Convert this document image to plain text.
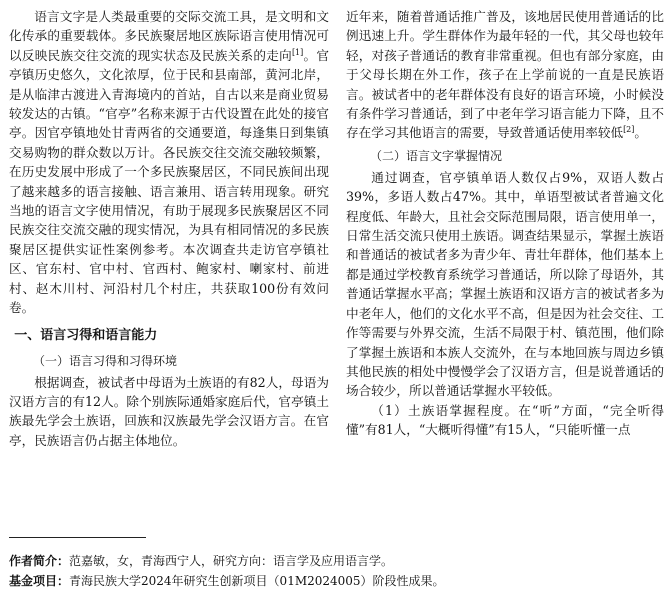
语言文字是人类最重要的交际交流工具，是文明和文化传承的重要载体。多民族聚居地区族际语言使用情况可以反映民族交往交流的现实状态及民族关系的走向[1]。官亭镇历史悠久，文化浓厚，位于民和县南部，黄河北岸，是从临津古渡进入青海境内的首站，自古以来是商业贸易较发达的古镇。“官亭”名称来源于古代设置在此处的接官亭。因官亭镇地处甘青两省的交通要道，每逢集日到集镇交易购物的群众数以万计。各民族交往交流交融较频繁，在历史发展中形成了一个多民族聚居区，不同民族间出现了越来越多的语言接触、语言兼用、语言转用现象。研究当地的语言文字使用情况，有助于展现多民族聚居区不同民族交往交流交融的现实情况，为具有相同情况的多民族聚居区提供实证性案例参考。本次调查共走访官亭镇社区、官东村、官中村、官西村、鲍家村、喇家村、前进村、赵木川村、河沿村几个村庄，共获取100份有效问卷。

一、语言习得和语言能力
（一）语言习得和习得环境

根据调查，被试者中母语为土族语的有82人，母语为汉语方言的有12人。除个别族际通婚家庭后代，官亭镇土族最先学会土族语，回族和汉族最先学会汉语方言。在官亭，民族语言仍占据主体地位。

近年来，随着普通话推广普及，该地居民使用普通话的比例迅速上升。学生群体作为最年轻的一代，其父母也较年轻，对孩子普通话的教育非常重视。但也有部分家庭，由于父母长期在外工作，孩子在上学前说的一直是民族语言。被试者中的老年群体没有良好的语言环境，小时候没有条件学习普通话，到了中老年学习语言能力下降，且不存在学习其他语言的需要，导致普通话使用率较低[2]。

（二）语言文字掌握情况

通过调查，官亭镇单语人数仅占9%，双语人数占39%，多语人数占47%。其中，单语型被试者普遍文化程度低、年龄大，且社会交际范围局限，语言使用单一，日常生活交流只使用土族语。调查结果显示，掌握土族语和普通话的被试者多为青少年、青壮年群体，他们基本上都是通过学校教育系统学习普通话，所以除了母语外，其普通话掌握水平高；掌握土族语和汉语方言的被试者多为中老年人，他们的文化水平不高，但是因为社会交往、工作等需要与外界交流，生活不局限于村、镇范围，他们除了掌握土族语和本族人交流外，在与本地回族与周边乡镇其他民族的相处中慢慢学会了汉语方言，但是说普通话的场合较少，所以普通话掌握水平较低。

（1）土族语掌握程度。在“听”方面，“完全听得懂”有81人，“大概听得懂”有15人，“只能听懂一点

作者简介：范嘉敏，女，青海西宁人，研究方向：语言学及应用语言学。
基金项目：青海民族大学2024年研究生创新项目（01M2024005）阶段性成果。
